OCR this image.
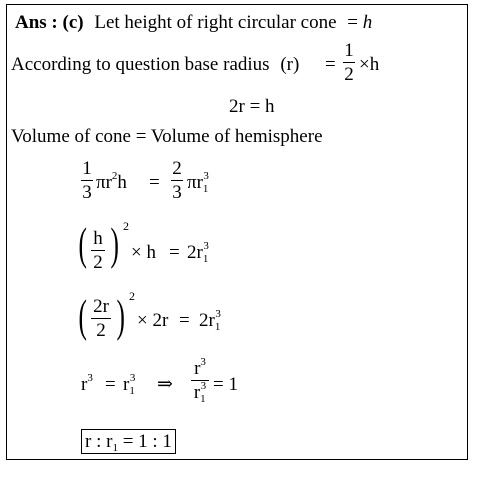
Ans : (c) Let height of right circular cone = h
According to question base radius (r) =
1
2 ×h
2r = h
Volume of cone = Volume of hemisphere
1
3 $\pi r^2h$ =
2
3 $\pi r_1^3$
( h
2 ) 2
× $h = 2r_1^3$
( 2r
2 ) 2
× $2r = 2r_1^3$
$r^3 = r_1^3$ ⇒
$r^3$
$r_1^3 = 1$
r : $r_1 = 1$ : 1
